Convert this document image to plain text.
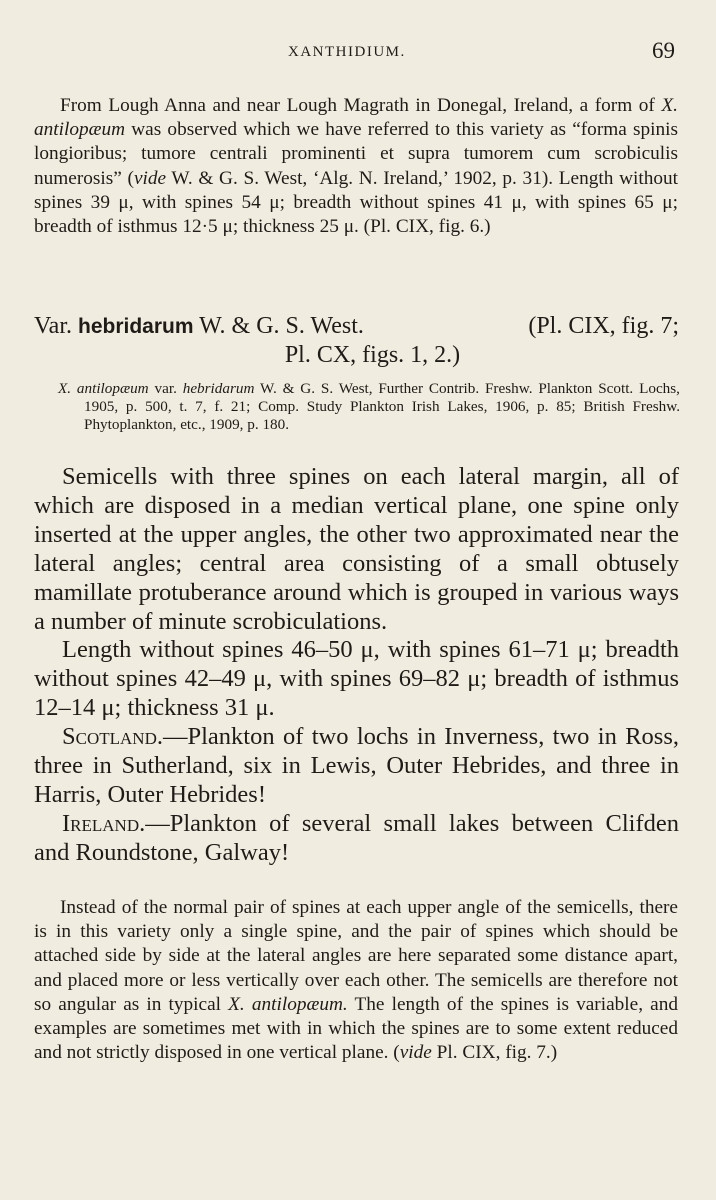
XANTHIDIUM.	69

From Lough Anna and near Lough Magrath in Donegal, Ireland, a form of X. antilopæum was observed which we have referred to this variety as “forma spinis longioribus; tumore centrali prominenti et supra tumorem cum scrobiculis numerosis” (vide W. & G. S. West, ‘Alg. N. Ireland,’ 1902, p. 31). Length without spines 39 μ, with spines 54 μ; breadth without spines 41 μ, with spines 65 μ; breadth of isthmus 12·5 μ; thickness 25 μ. (Pl. CIX, fig. 6.)

Var. hebridarum W. & G. S. West.	(Pl. CIX, fig. 7;
Pl. CX, figs. 1, 2.)
X. antilopæum var. hebridarum W. & G. S. West, Further Contrib. Freshw. Plankton Scott. Lochs, 1905, p. 500, t. 7, f. 21; Comp. Study Plankton Irish Lakes, 1906, p. 85; British Freshw. Phytoplankton, etc., 1909, p. 180.

Semicells with three spines on each lateral margin, all of which are disposed in a median vertical plane, one spine only inserted at the upper angles, the other two approximated near the lateral angles; central area consisting of a small obtusely mamillate protuberance around which is grouped in various ways a number of minute scrobiculations.

Length without spines 46–50 μ, with spines 61–71 μ; breadth without spines 42–49 μ, with spines 69–82 μ; breadth of isthmus 12–14 μ; thickness 31 μ.

Scotland.—Plankton of two lochs in Inverness, two in Ross, three in Sutherland, six in Lewis, Outer Hebrides, and three in Harris, Outer Hebrides!

Ireland.—Plankton of several small lakes between Clifden and Roundstone, Galway!

Instead of the normal pair of spines at each upper angle of the semicells, there is in this variety only a single spine, and the pair of spines which should be attached side by side at the lateral angles are here separated some distance apart, and placed more or less vertically over each other. The semicells are therefore not so angular as in typical X. antilopæum. The length of the spines is variable, and examples are sometimes met with in which the spines are to some extent reduced and not strictly disposed in one vertical plane. (vide Pl. CIX, fig. 7.)
